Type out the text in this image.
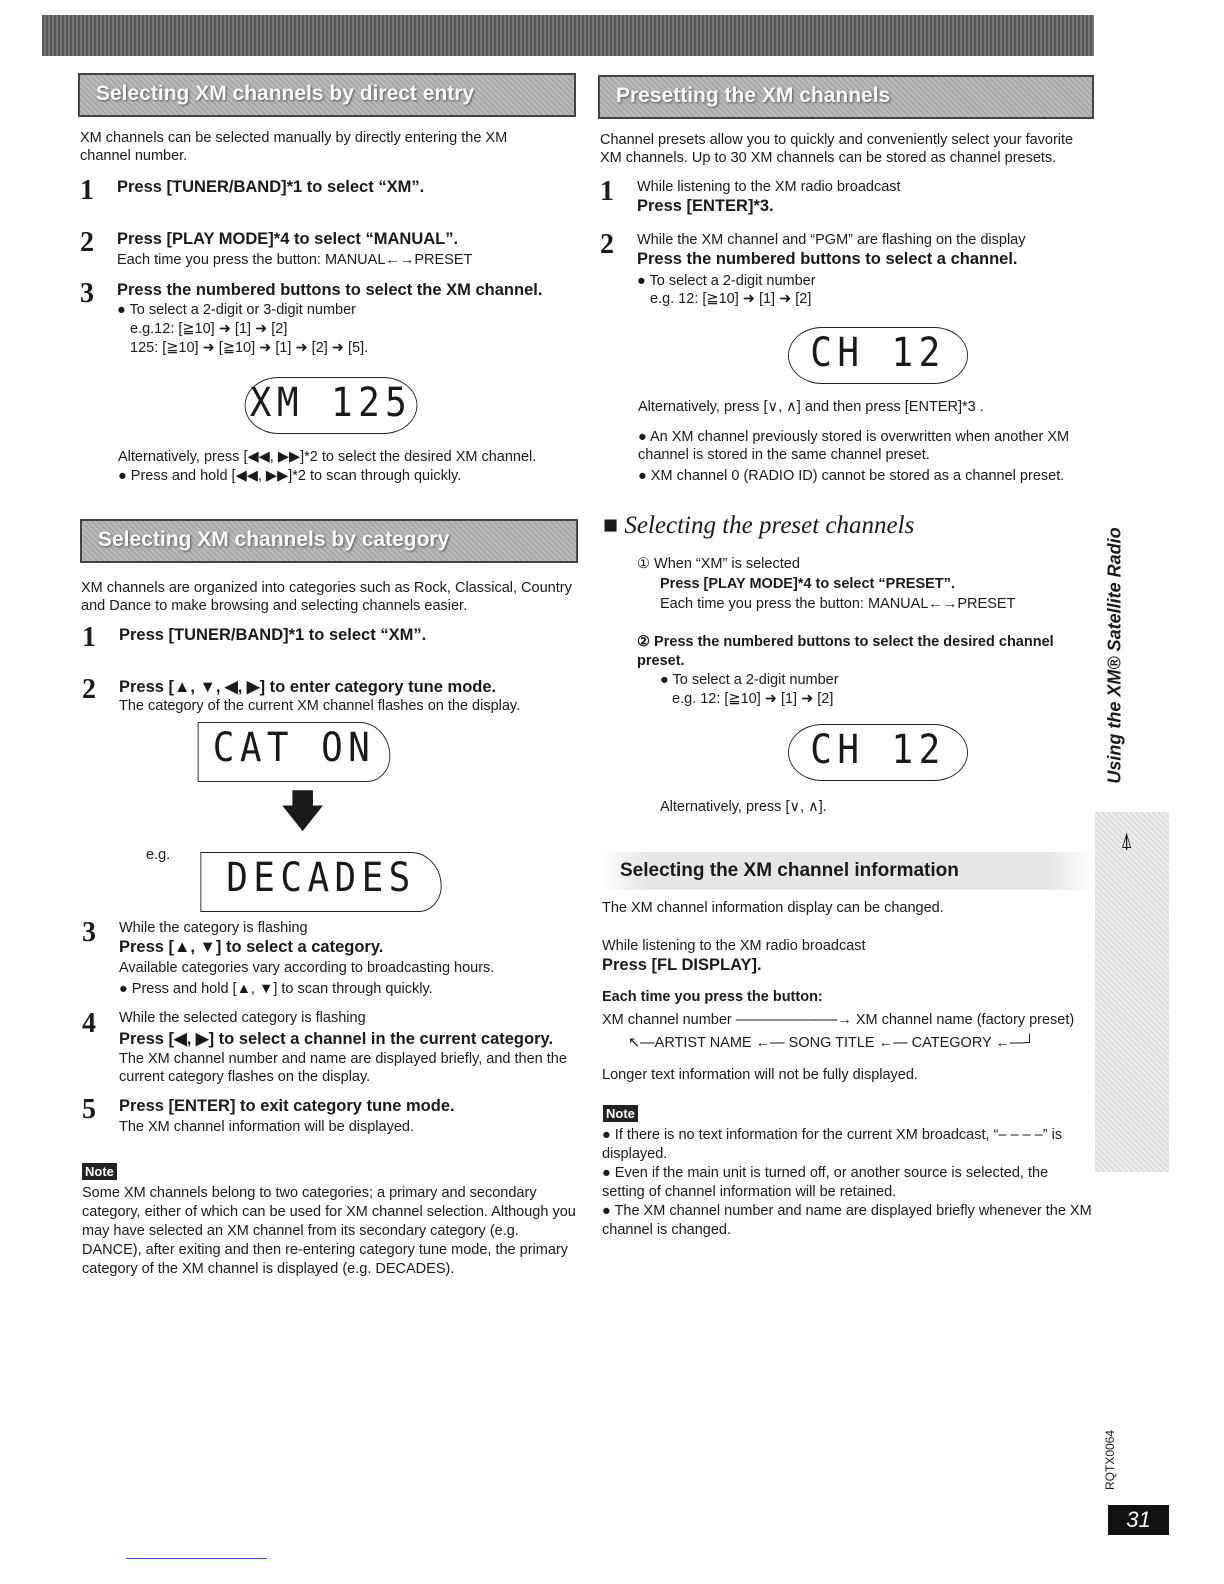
Selecting XM channels by direct entry
XM channels can be selected manually by directly entering the XM channel number.
1 Press [TUNER/BAND]*1 to select “XM”.
2 Press [PLAY MODE]*4 to select “MANUAL”.
Each time you press the button: MANUAL←→PRESET
3 Press the numbered buttons to select the XM channel.
● To select a 2-digit or 3-digit number
e.g.12: [≧10] ➜ [1] ➜ [2]
125: [≧10] ➜ [≧10] ➜ [1] ➜ [2] ➜ [5].
XM 125
Alternatively, press [◀◀, ▶▶]*2 to select the desired XM channel.
● Press and hold [◀◀, ▶▶]*2 to scan through quickly.
Selecting XM channels by category
XM channels are organized into categories such as Rock, Classical, Country and Dance to make browsing and selecting channels easier.
1 Press [TUNER/BAND]*1 to select “XM”.
2 Press [▲, ▼, ◀, ▶] to enter category tune mode.
The category of the current XM channel flashes on the display.
CAT ON
🡇
e.g.	DECADES
3 While the category is flashing
Press [▲, ▼] to select a category.
Available categories vary according to broadcasting hours.
● Press and hold [▲, ▼] to scan through quickly.
4 While the selected category is flashing
Press [◀, ▶] to select a channel in the current category.
The XM channel number and name are displayed briefly, and then the current category flashes on the display.
5 Press [ENTER] to exit category tune mode.
The XM channel information will be displayed.
Note
Some XM channels belong to two categories; a primary and secondary category, either of which can be used for XM channel selection. Although you may have selected an XM channel from its secondary category (e.g. DANCE), after exiting and then re-entering category tune mode, the primary category of the XM channel is displayed (e.g. DECADES).
Presetting the XM channels
Channel presets allow you to quickly and conveniently select your favorite XM channels. Up to 30 XM channels can be stored as channel presets.
1 While listening to the XM radio broadcast
Press [ENTER]*3.
2 While the XM channel and “PGM” are flashing on the display
Press the numbered buttons to select a channel.
● To select a 2-digit number
e.g. 12: [≧10] ➜ [1] ➜ [2]
CH 12
Alternatively, press [∨, ∧] and then press [ENTER]*3 .
● An XM channel previously stored is overwritten when another XM channel is stored in the same channel preset.
● XM channel 0 (RADIO ID) cannot be stored as a channel preset.
■ Selecting the preset channels
① When “XM” is selected
Press [PLAY MODE]*4 to select “PRESET”.
Each time you press the button: MANUAL←→PRESET
② Press the numbered buttons to select the desired channel preset.
● To select a 2-digit number
e.g. 12: [≧10] ➜ [1] ➜ [2]
CH 12
Alternatively, press [∨, ∧].
Selecting the XM channel information
The XM channel information display can be changed.
While listening to the XM radio broadcast
Press [FL DISPLAY].
Each time you press the button:
XM channel number ———————→ XM channel name (factory preset)
↖—ARTIST NAME ←— SONG TITLE ←— CATEGORY ←—┘
Longer text information will not be fully displayed.
Note
● If there is no text information for the current XM broadcast, “– – – –” is displayed.
● Even if the main unit is turned off, or another source is selected, the setting of channel information will be retained.
● The XM channel number and name are displayed briefly whenever the XM channel is changed.
Using the XM® Satellite Radio
⍋
RQTX0064
31
